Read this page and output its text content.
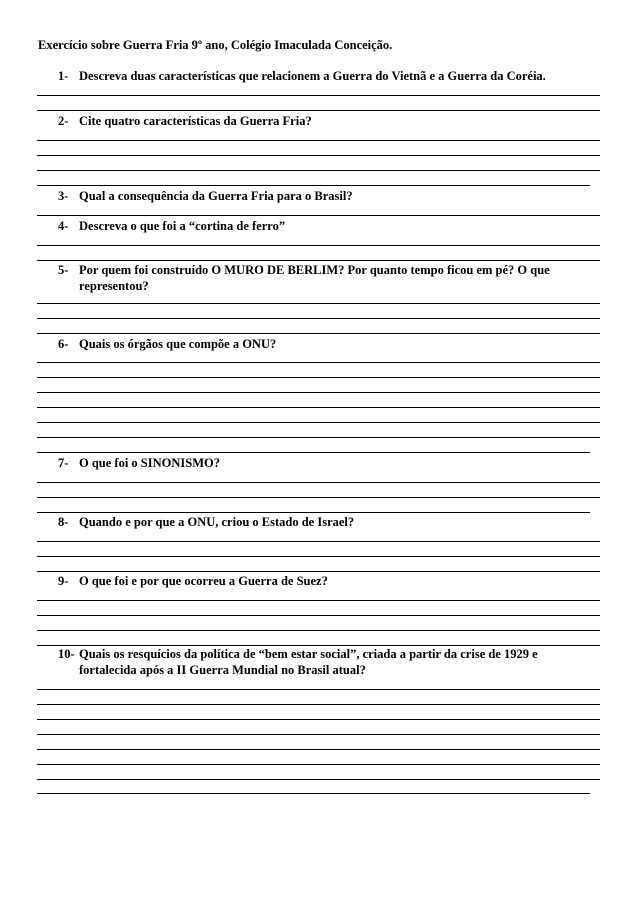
Exercício sobre Guerra Fria 9º ano, Colégio Imaculada Conceição.
1- Descreva duas características que relacionem a Guerra do Vietnã e a Guerra da Coréia.
2- Cite quatro características da Guerra Fria?
3- Qual a consequência da Guerra Fria para o Brasil?
4- Descreva o que foi a “cortina de ferro”
5- Por quem foi construído O MURO DE BERLIM? Por quanto tempo ficou em pé? O que representou?
6- Quais os órgãos que compõe a ONU?
7- O que foi o SINONISMO?
8- Quando e por que a ONU, criou o Estado de Israel?
9- O que foi e por que ocorreu a Guerra de Suez?
10- Quais os resquícios da política de “bem estar social”, criada a partir da crise de 1929 e fortalecida após a II Guerra Mundial no Brasil atual?
